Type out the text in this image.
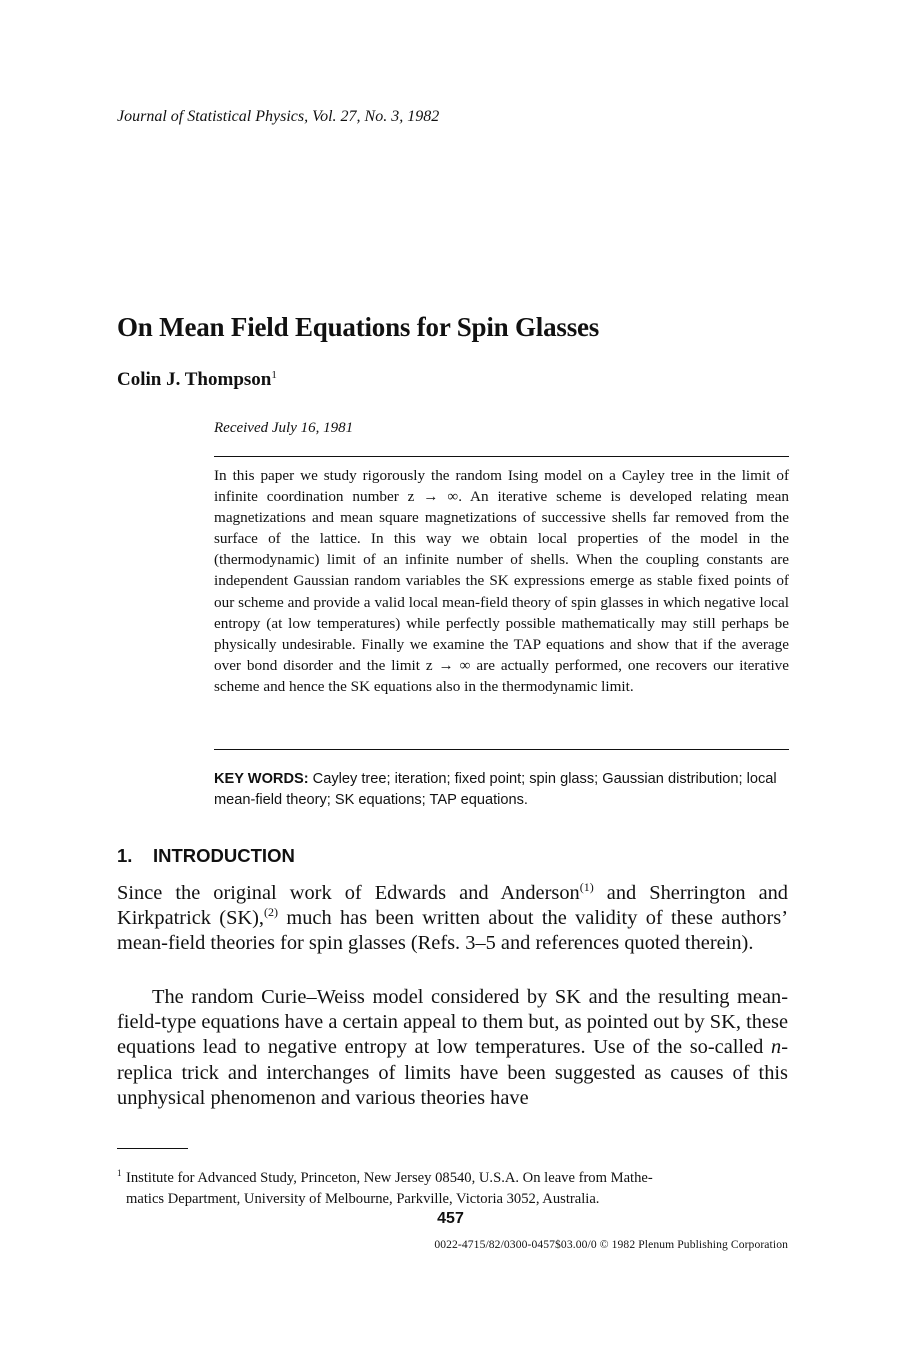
Journal of Statistical Physics, Vol. 27, No. 3, 1982
On Mean Field Equations for Spin Glasses
Colin J. Thompson$^1$
Received July 16, 1981
In this paper we study rigorously the random Ising model on a Cayley tree in the limit of infinite coordination number z → ∞. An iterative scheme is developed relating mean magnetizations and mean square magnetizations of successive shells far removed from the surface of the lattice. In this way we obtain local properties of the model in the (thermodynamic) limit of an infinite number of shells. When the coupling constants are independent Gaussian random variables the SK expressions emerge as stable fixed points of our scheme and provide a valid local mean-field theory of spin glasses in which negative local entropy (at low temperatures) while perfectly possible mathematically may still perhaps be physically undesirable. Finally we examine the TAP equations and show that if the average over bond disorder and the limit z → ∞ are actually performed, one recovers our iterative scheme and hence the SK equations also in the thermodynamic limit.
KEY WORDS: Cayley tree; iteration; fixed point; spin glass; Gaussian distribution; local mean-field theory; SK equations; TAP equations.
1. INTRODUCTION
Since the original work of Edwards and Anderson$^{(1)}$ and Sherrington and Kirkpatrick (SK),$^{(2)}$ much has been written about the validity of these authors’ mean-field theories for spin glasses (Refs. 3–5 and references quoted therein).
The random Curie–Weiss model considered by SK and the resulting mean-field-type equations have a certain appeal to them but, as pointed out by SK, these equations lead to negative entropy at low temperatures. Use of the so-called n-replica trick and interchanges of limits have been suggested as causes of this unphysical phenomenon and various theories have
1 Institute for Advanced Study, Princeton, New Jersey 08540, U.S.A. On leave from Mathe-
matics Department, University of Melbourne, Parkville, Victoria 3052, Australia.
457
0022-4715/82/0300-0457$03.00/0 © 1982 Plenum Publishing Corporation
